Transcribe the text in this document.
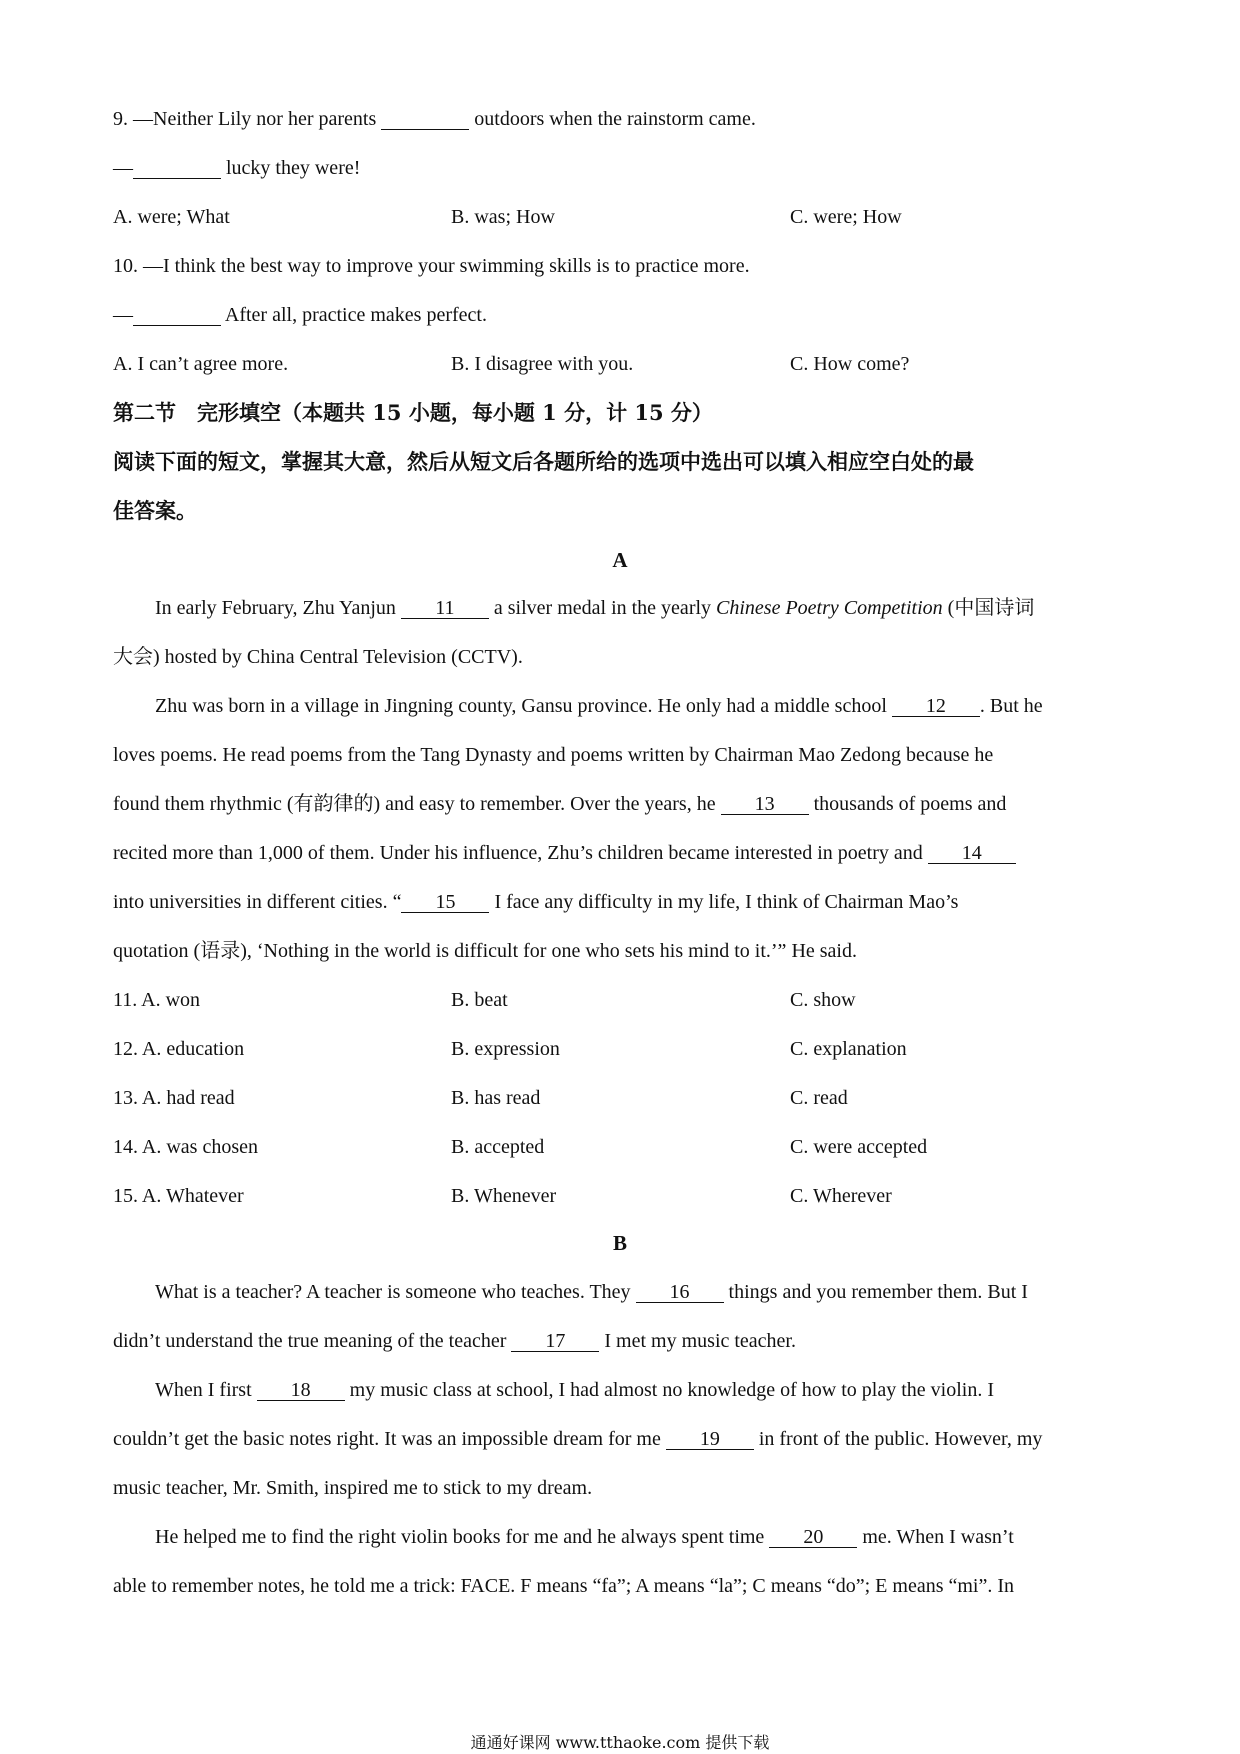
9. —Neither Lily nor her parents	outdoors when the rainstorm came.
—	lucky they were!
A. were; What	B. was; How	C. were; How
10. —I think the best way to improve your swimming skills is to practice more.
—	After all, practice makes perfect.
A. I can’t agree more.	B. I disagree with you.	C. How come?
第二节　完形填空（本题共 15 小题，每小题 1 分，计 15 分）
阅读下面的短文，掌握其大意，然后从短文后各题所给的选项中选出可以填入相应空白处的最
佳答案。
A
In early February, Zhu Yanjun 11 a silver medal in the yearly Chinese Poetry Competition (中国诗词
大会) hosted by China Central Television (CCTV).
Zhu was born in a village in Jingning county, Gansu province. He only had a middle school 12 . But he
loves poems. He read poems from the Tang Dynasty and poems written by Chairman Mao Zedong because he
found them rhythmic (有韵律的) and easy to remember. Over the years, he 13 thousands of poems and
recited more than 1,000 of them. Under his influence, Zhu’s children became interested in poetry and 14
into universities in different cities. “ 15 I face any difficulty in my life, I think of Chairman Mao’s
quotation (语录), ‘Nothing in the world is difficult for one who sets his mind to it.’” He said.
11. A. won	B. beat	C. show
12. A. education	B. expression	C. explanation
13. A. had read	B. has read	C. read
14. A. was chosen	B. accepted	C. were accepted
15. A. Whatever	B. Whenever	C. Wherever
B
What is a teacher? A teacher is someone who teaches. They 16 things and you remember them. But I
didn’t understand the true meaning of the teacher 17 I met my music teacher.
When I first 18 my music class at school, I had almost no knowledge of how to play the violin. I
couldn’t get the basic notes right. It was an impossible dream for me 19 in front of the public. However, my
music teacher, Mr. Smith, inspired me to stick to my dream.
He helped me to find the right violin books for me and he always spent time 20 me. When I wasn’t
able to remember notes, he told me a trick: FACE. F means “fa”; A means “la”; C means “do”; E means “mi”. In
通通好课网 www.tthaoke.com 提供下载
